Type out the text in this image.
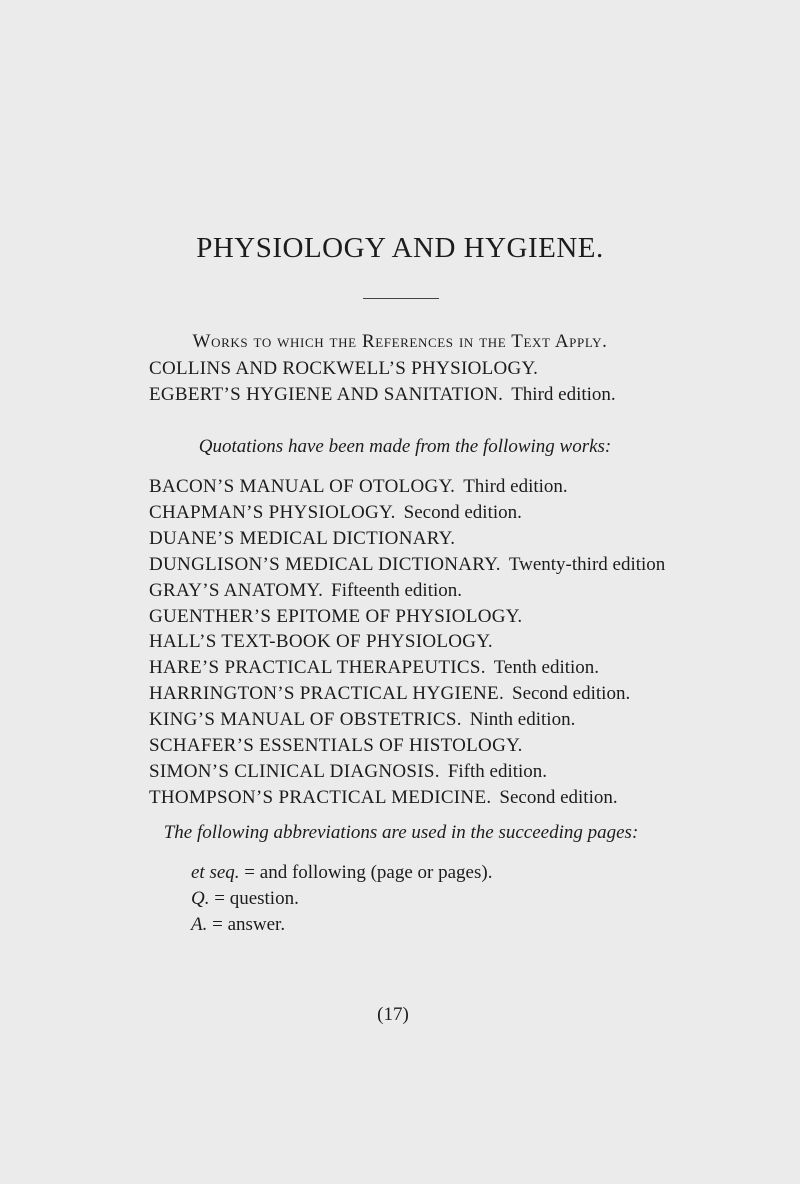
PHYSIOLOGY AND HYGIENE.
Works to which the References in the Text Apply.
COLLINS AND ROCKWELL’S PHYSIOLOGY.
EGBERT’S HYGIENE AND SANITATION. Third edition.
Quotations have been made from the following works:
BACON’S MANUAL OF OTOLOGY. Third edition.
CHAPMAN’S PHYSIOLOGY. Second edition.
DUANE’S MEDICAL DICTIONARY.
DUNGLISON’S MEDICAL DICTIONARY. Twenty-third edition
GRAY’S ANATOMY. Fifteenth edition.
GUENTHER’S EPITOME OF PHYSIOLOGY.
HALL’S TEXT-BOOK OF PHYSIOLOGY.
HARE’S PRACTICAL THERAPEUTICS. Tenth edition.
HARRINGTON’S PRACTICAL HYGIENE. Second edition.
KING’S MANUAL OF OBSTETRICS. Ninth edition.
SCHAFER’S ESSENTIALS OF HISTOLOGY.
SIMON’S CLINICAL DIAGNOSIS. Fifth edition.
THOMPSON’S PRACTICAL MEDICINE. Second edition.
The following abbreviations are used in the succeeding pages:
et seq. = and following (page or pages).
Q. = question.
A. = answer.
(17)
